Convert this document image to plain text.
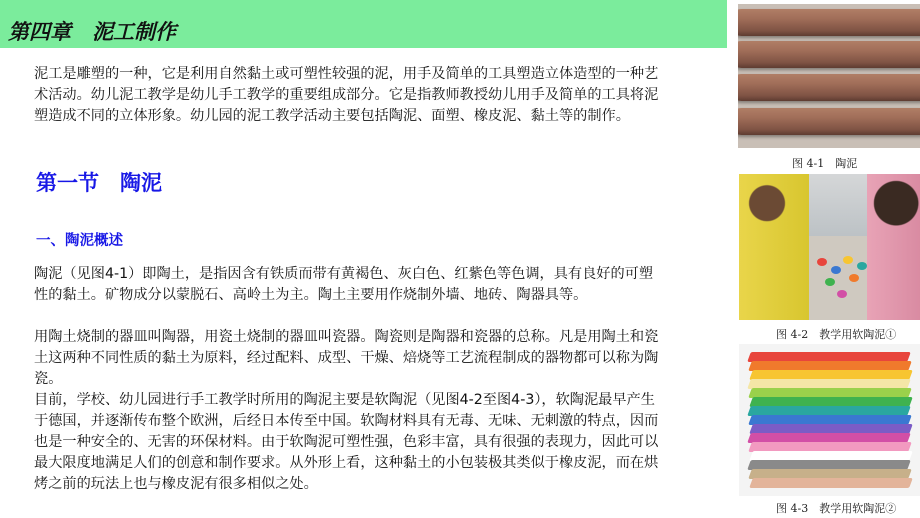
第四章　泥工制作

泥工是雕塑的一种，它是利用自然黏土或可塑性较强的泥，用手及简单的工具塑造立体造型的一种艺术活动。幼儿泥工教学是幼儿手工教学的重要组成部分。它是指教师教授幼儿用手及简单的工具将泥塑造成不同的立体形象。幼儿园的泥工教学活动主要包括陶泥、面塑、橡皮泥、黏土等的制作。

第一节　陶泥
一、陶泥概述

陶泥（见图4-1）即陶土，是指因含有铁质而带有黄褐色、灰白色、红紫色等色调，具有良好的可塑性的黏土。矿物成分以蒙脱石、高岭土为主。陶土主要用作烧制外墙、地砖、陶器具等。

用陶土烧制的器皿叫陶器，用瓷土烧制的器皿叫瓷器。陶瓷则是陶器和瓷器的总称。凡是用陶土和瓷土这两种不同性质的黏土为原料，经过配料、成型、干燥、焙烧等工艺流程制成的器物都可以称为陶瓷。

目前，学校、幼儿园进行手工教学时所用的陶泥主要是软陶泥（见图4-2至图4-3），软陶泥最早产生于德国，并逐渐传布整个欧洲，后经日本传至中国。软陶材料具有无毒、无味、无刺激的特点，因而也是一种安全的、无害的环保材料。由于软陶泥可塑性强，色彩丰富，具有很强的表现力，因此可以最大限度地满足人们的创意和制作要求。从外形上看，这种黏土的小包装极其类似于橡皮泥，而在烘烤之前的玩法上也与橡皮泥有很多相似之处。

图 4-1　陶泥
图 4-2　教学用软陶泥①
图 4-3　教学用软陶泥②
